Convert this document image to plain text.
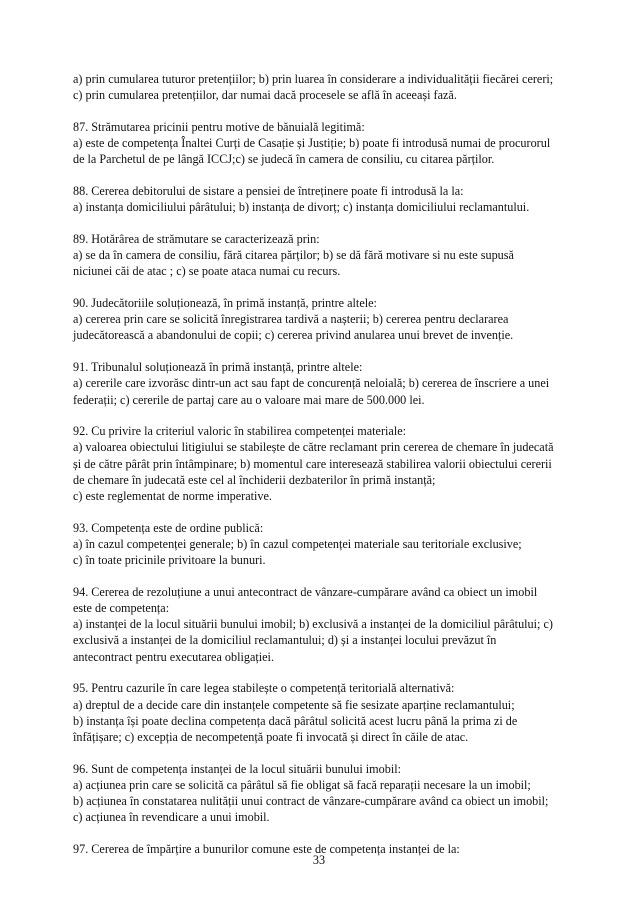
a) prin cumularea tuturor pretențiilor; b) prin luarea în considerare a individualității fiecărei cereri;
c) prin cumularea pretențiilor, dar numai dacă procesele se află în aceeași fază.
87. Strămutarea pricinii pentru motive de bănuială legitimă:
a) este de competența Înaltei Curți de Casație și Justiție; b) poate fi introdusă numai de procurorul
de la Parchetul de pe lângă ICCJ;c) se judecă în camera de consiliu, cu citarea părților.
88. Cererea debitorului de sistare a pensiei de întreținere poate fi introdusă la la:
a) instanța domiciliului pârâtului; b) instanța de divorț; c) instanța domiciliului reclamantului.
89. Hotărârea de strămutare se caracterizează prin:
a) se da în camera de consiliu, fără citarea părților; b) se dă fără motivare si nu este supusă
niciunei căi de atac ; c) se poate ataca numai cu recurs.
90. Judecătoriile soluționează, în primă instanță, printre altele:
a) cererea prin care se solicită înregistrarea tardivă a nașterii; b) cererea pentru declararea
judecătorească a abandonului de copii; c) cererea privind anularea unui brevet de invenție.
91. Tribunalul soluționează în primă instanță, printre altele:
a) cererile care izvorăsc dintr-un act sau fapt de concurență neloială; b) cererea de înscriere a unei
federații; c) cererile de partaj care au o valoare mai mare de 500.000 lei.
92. Cu privire la criteriul valoric în stabilirea competenței materiale:
a) valoarea obiectului litigiului se stabilește de către reclamant prin cererea de chemare în judecată
și de către pârât prin întâmpinare; b) momentul care interesează stabilirea valorii obiectului cererii
de chemare în judecată este cel al închiderii dezbaterilor în primă instanță;
c) este reglementat de norme imperative.
93. Competența este de ordine publică:
a) în cazul competenței generale; b) în cazul competenței materiale sau teritoriale exclusive;
c) în toate pricinile privitoare la bunuri.
94. Cererea de rezoluțiune a unui antecontract de vânzare-cumpărare având ca obiect un imobil
este de competența:
a) instanței de la locul situării bunului imobil; b) exclusivă a instanței de la domiciliul pârâtului; c)
exclusivă a instanței de la domiciliul reclamantului; d) și a instanței locului prevăzut în
antecontract pentru executarea obligației.
95. Pentru cazurile în care legea stabilește o competență teritorială alternativă:
a) dreptul de a decide care din instanțele competente să fie sesizate aparține reclamantului;
b) instanța își poate declina competența dacă pârâtul solicită acest lucru până la prima zi de
înfățișare; c) excepția de necompetență poate fi invocată și direct în căile de atac.
96. Sunt de competența instanței de la locul situării bunului imobil:
a) acțiunea prin care se solicită ca pârâtul să fie obligat să facă reparații necesare la un imobil;
b) acțiunea în constatarea nulității unui contract de vânzare-cumpărare având ca obiect un imobil;
c) acțiunea în revendicare a unui imobil.
97. Cererea de împărțire a bunurilor comune este de competența instanței de la:
33
